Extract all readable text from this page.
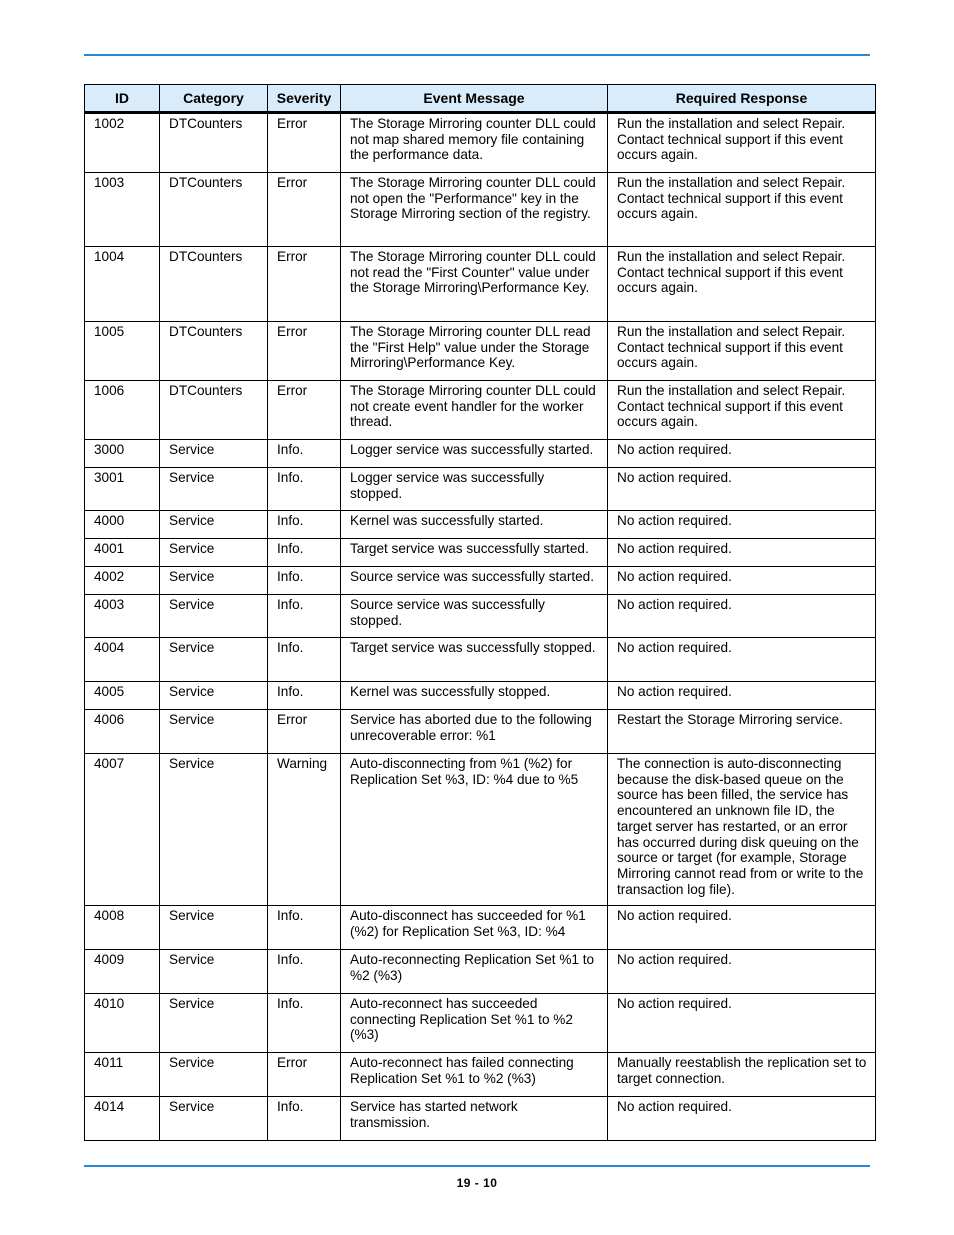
ID	Category	Severity	Event Message	Required Response
1002	DTCounters	Error	The Storage Mirroring counter DLL could not map shared memory file containing the performance data.	Run the installation and select Repair. Contact technical support if this event occurs again.
1003	DTCounters	Error	The Storage Mirroring counter DLL could not open the "Performance" key in the Storage Mirroring section of the registry.	Run the installation and select Repair. Contact technical support if this event occurs again.
1004	DTCounters	Error	The Storage Mirroring counter DLL could not read the "First Counter" value under the Storage Mirroring\Performance Key.	Run the installation and select Repair. Contact technical support if this event occurs again.
1005	DTCounters	Error	The Storage Mirroring counter DLL read the "First Help" value under the Storage Mirroring\Performance Key.	Run the installation and select Repair. Contact technical support if this event occurs again.
1006	DTCounters	Error	The Storage Mirroring counter DLL could not create event handler for the worker thread.	Run the installation and select Repair. Contact technical support if this event occurs again.
3000	Service	Info.	Logger service was successfully started.	No action required.
3001	Service	Info.	Logger service was successfully stopped.	No action required.
4000	Service	Info.	Kernel was successfully started.	No action required.
4001	Service	Info.	Target service was successfully started.	No action required.
4002	Service	Info.	Source service was successfully started.	No action required.
4003	Service	Info.	Source service was successfully stopped.	No action required.
4004	Service	Info.	Target service was successfully stopped.	No action required.
4005	Service	Info.	Kernel was successfully stopped.	No action required.
4006	Service	Error	Service has aborted due to the following unrecoverable error: %1	Restart the Storage Mirroring service.
4007	Service	Warning	Auto-disconnecting from %1 (%2) for Replication Set %3, ID: %4 due to %5	The connection is auto-disconnecting because the disk-based queue on the source has been filled, the service has encountered an unknown file ID, the target server has restarted, or an error has occurred during disk queuing on the source or target (for example, Storage Mirroring cannot read from or write to the transaction log file).
4008	Service	Info.	Auto-disconnect has succeeded for %1 (%2) for Replication Set %3, ID: %4	No action required.
4009	Service	Info.	Auto-reconnecting Replication Set %1 to %2 (%3)	No action required.
4010	Service	Info.	Auto-reconnect has succeeded connecting Replication Set %1 to %2 (%3)	No action required.
4011	Service	Error	Auto-reconnect has failed connecting Replication Set %1 to %2 (%3)	Manually reestablish the replication set to target connection.
4014	Service	Info.	Service has started network transmission.	No action required.
19 - 10
